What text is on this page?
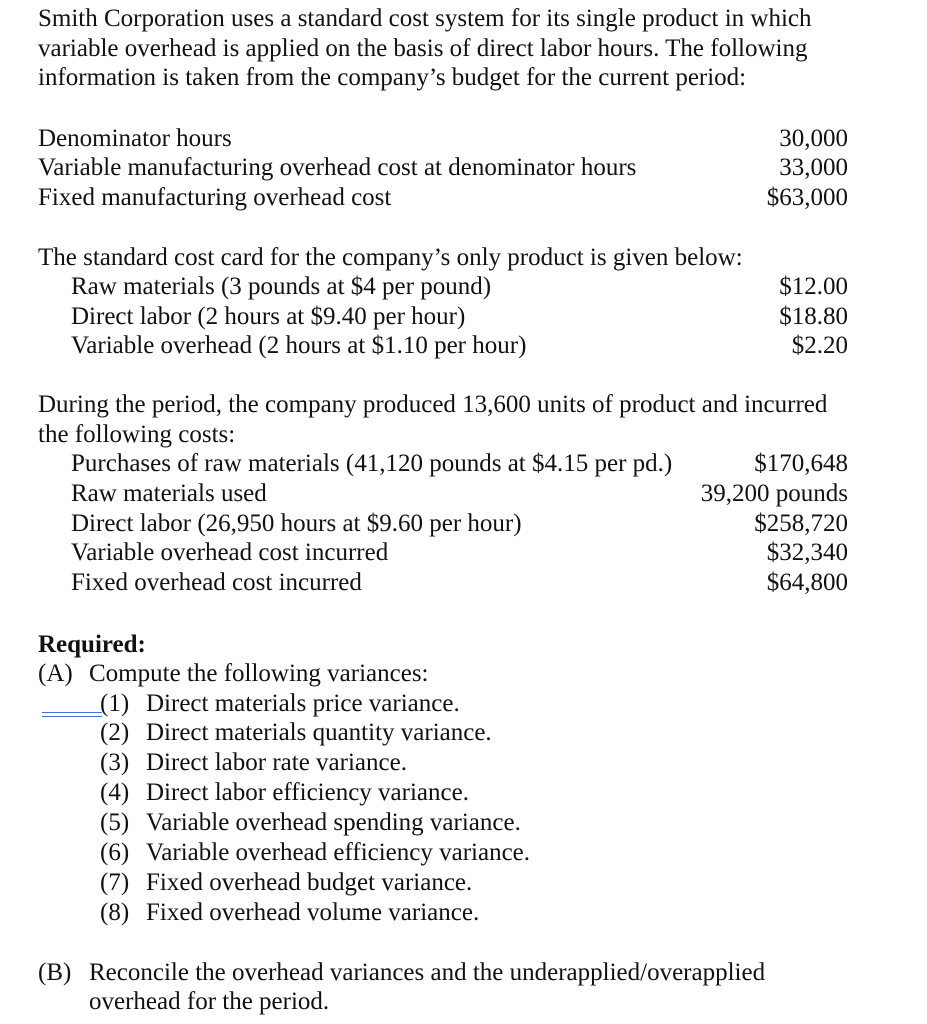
Smith Corporation uses a standard cost system for its single product in which variable overhead is applied on the basis of direct labor hours. The following information is taken from the company’s budget for the current period:

Denominator hours	30,000
Variable manufacturing overhead cost at denominator hours	33,000
Fixed manufacturing overhead cost	$63,000

The standard cost card for the company’s only product is given below:

Raw materials (3 pounds at $4 per pound)	$12.00
Direct labor (2 hours at $9.40 per hour)	$18.80
Variable overhead (2 hours at $1.10 per hour)	$2.20

During the period, the company produced 13,600 units of product and incurred the following costs:

Purchases of raw materials (41,120 pounds at $4.15 per pd.)	$170,648
Raw materials used	39,200 pounds
Direct labor (26,950 hours at $9.60 per hour)	$258,720
Variable overhead cost incurred	$32,340
Fixed overhead cost incurred	$64,800
Required:
(A) Compute the following variances:
(1) Direct materials price variance.
(2) Direct materials quantity variance.
(3) Direct labor rate variance.
(4) Direct labor efficiency variance.
(5) Variable overhead spending variance.
(6) Variable overhead efficiency variance.
(7) Fixed overhead budget variance.
(8) Fixed overhead volume variance.
(B) Reconcile the overhead variances and the underapplied/overapplied overhead for the period.
